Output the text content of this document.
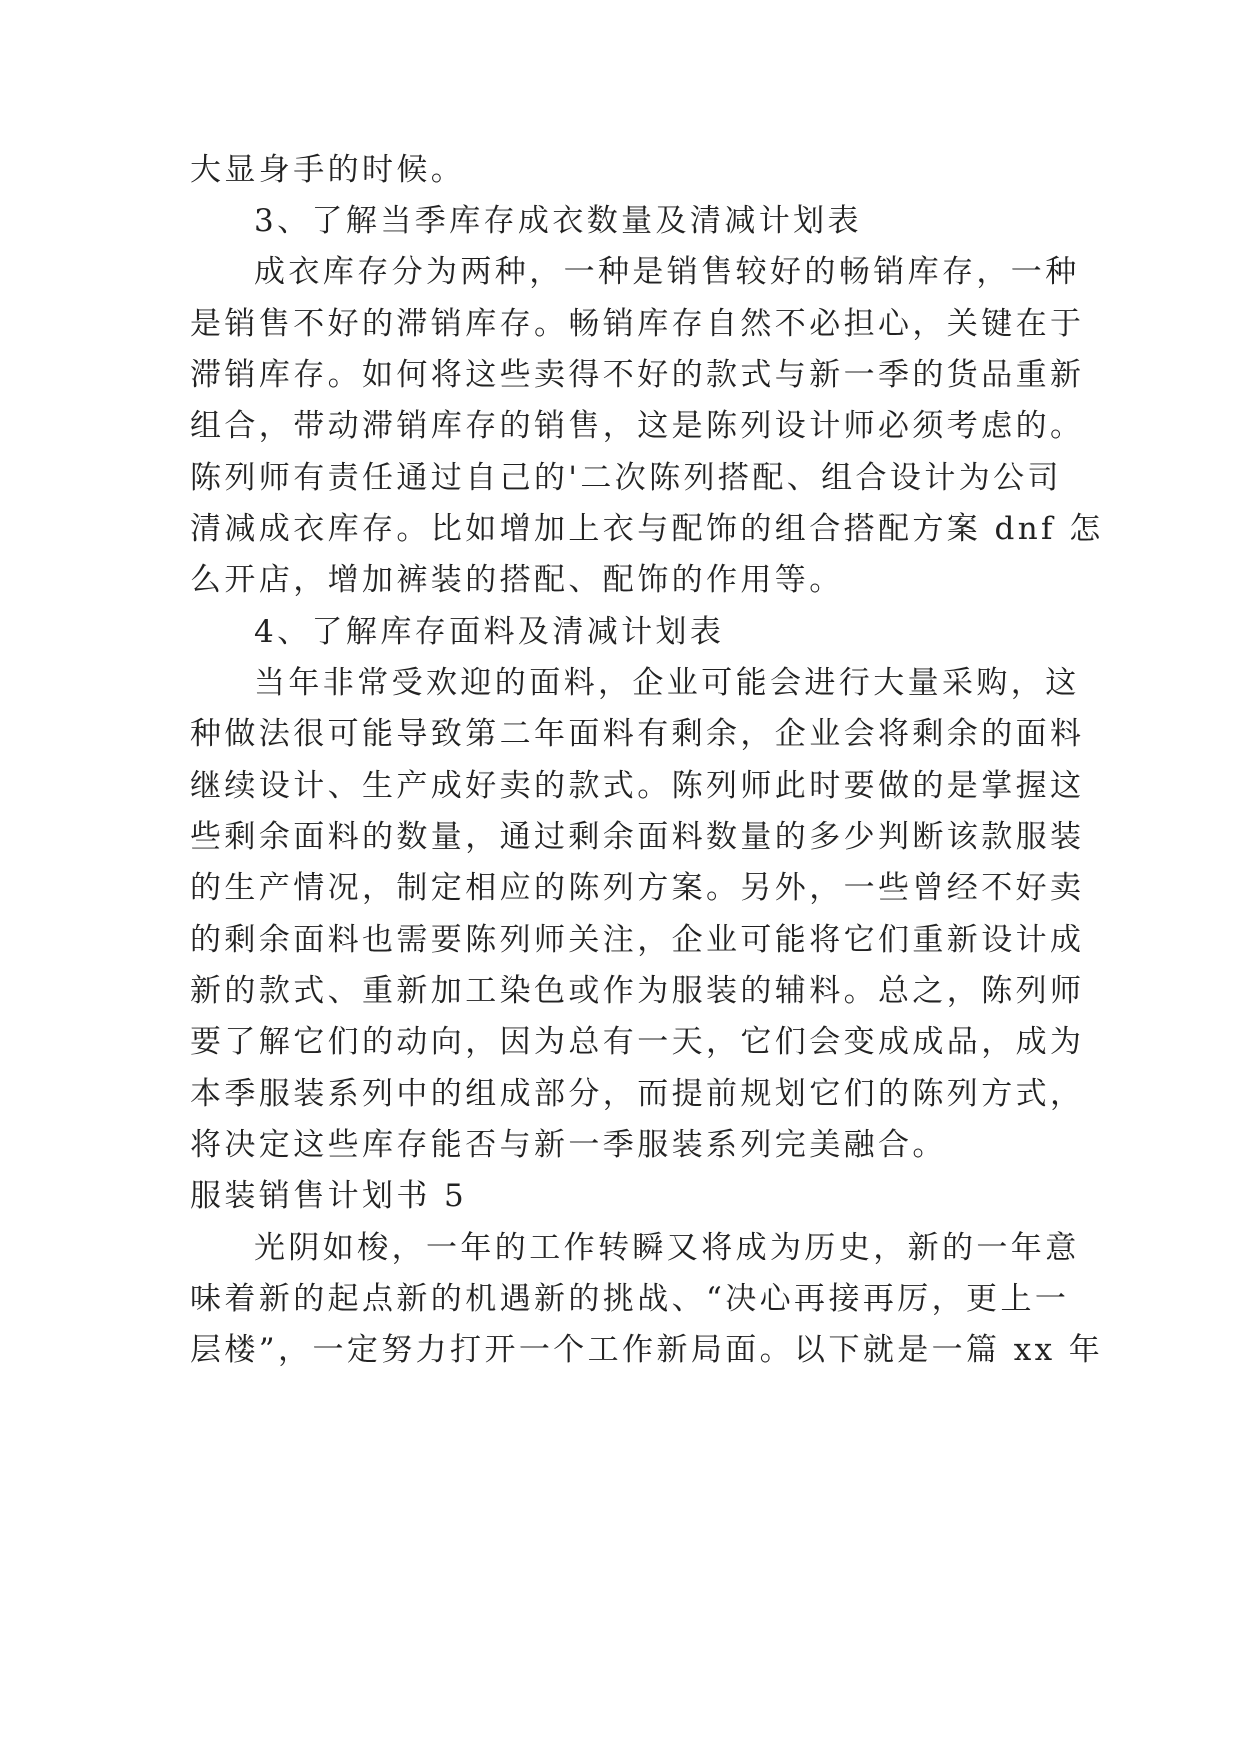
大显身手的时候。
3、了解当季库存成衣数量及清减计划表
成衣库存分为两种，一种是销售较好的畅销库存，一种
是销售不好的滞销库存。畅销库存自然不必担心，关键在于
滞销库存。如何将这些卖得不好的款式与新一季的货品重新
组合，带动滞销库存的销售，这是陈列设计师必须考虑的。
陈列师有责任通过自己的'二次陈列搭配、组合设计为公司
清减成衣库存。比如增加上衣与配饰的组合搭配方案 dnf 怎
么开店，增加裤装的搭配、配饰的作用等。
4、了解库存面料及清减计划表
当年非常受欢迎的面料，企业可能会进行大量采购，这
种做法很可能导致第二年面料有剩余，企业会将剩余的面料
继续设计、生产成好卖的款式。陈列师此时要做的是掌握这
些剩余面料的数量，通过剩余面料数量的多少判断该款服装
的生产情况，制定相应的陈列方案。另外，一些曾经不好卖
的剩余面料也需要陈列师关注，企业可能将它们重新设计成
新的款式、重新加工染色或作为服装的辅料。总之，陈列师
要了解它们的动向，因为总有一天，它们会变成成品，成为
本季服装系列中的组成部分，而提前规划它们的陈列方式，
将决定这些库存能否与新一季服装系列完美融合。
服装销售计划书 5
光阴如梭，一年的工作转瞬又将成为历史，新的一年意
味着新的起点新的机遇新的挑战、“决心再接再厉，更上一
层楼”，一定努力打开一个工作新局面。以下就是一篇 xx 年
